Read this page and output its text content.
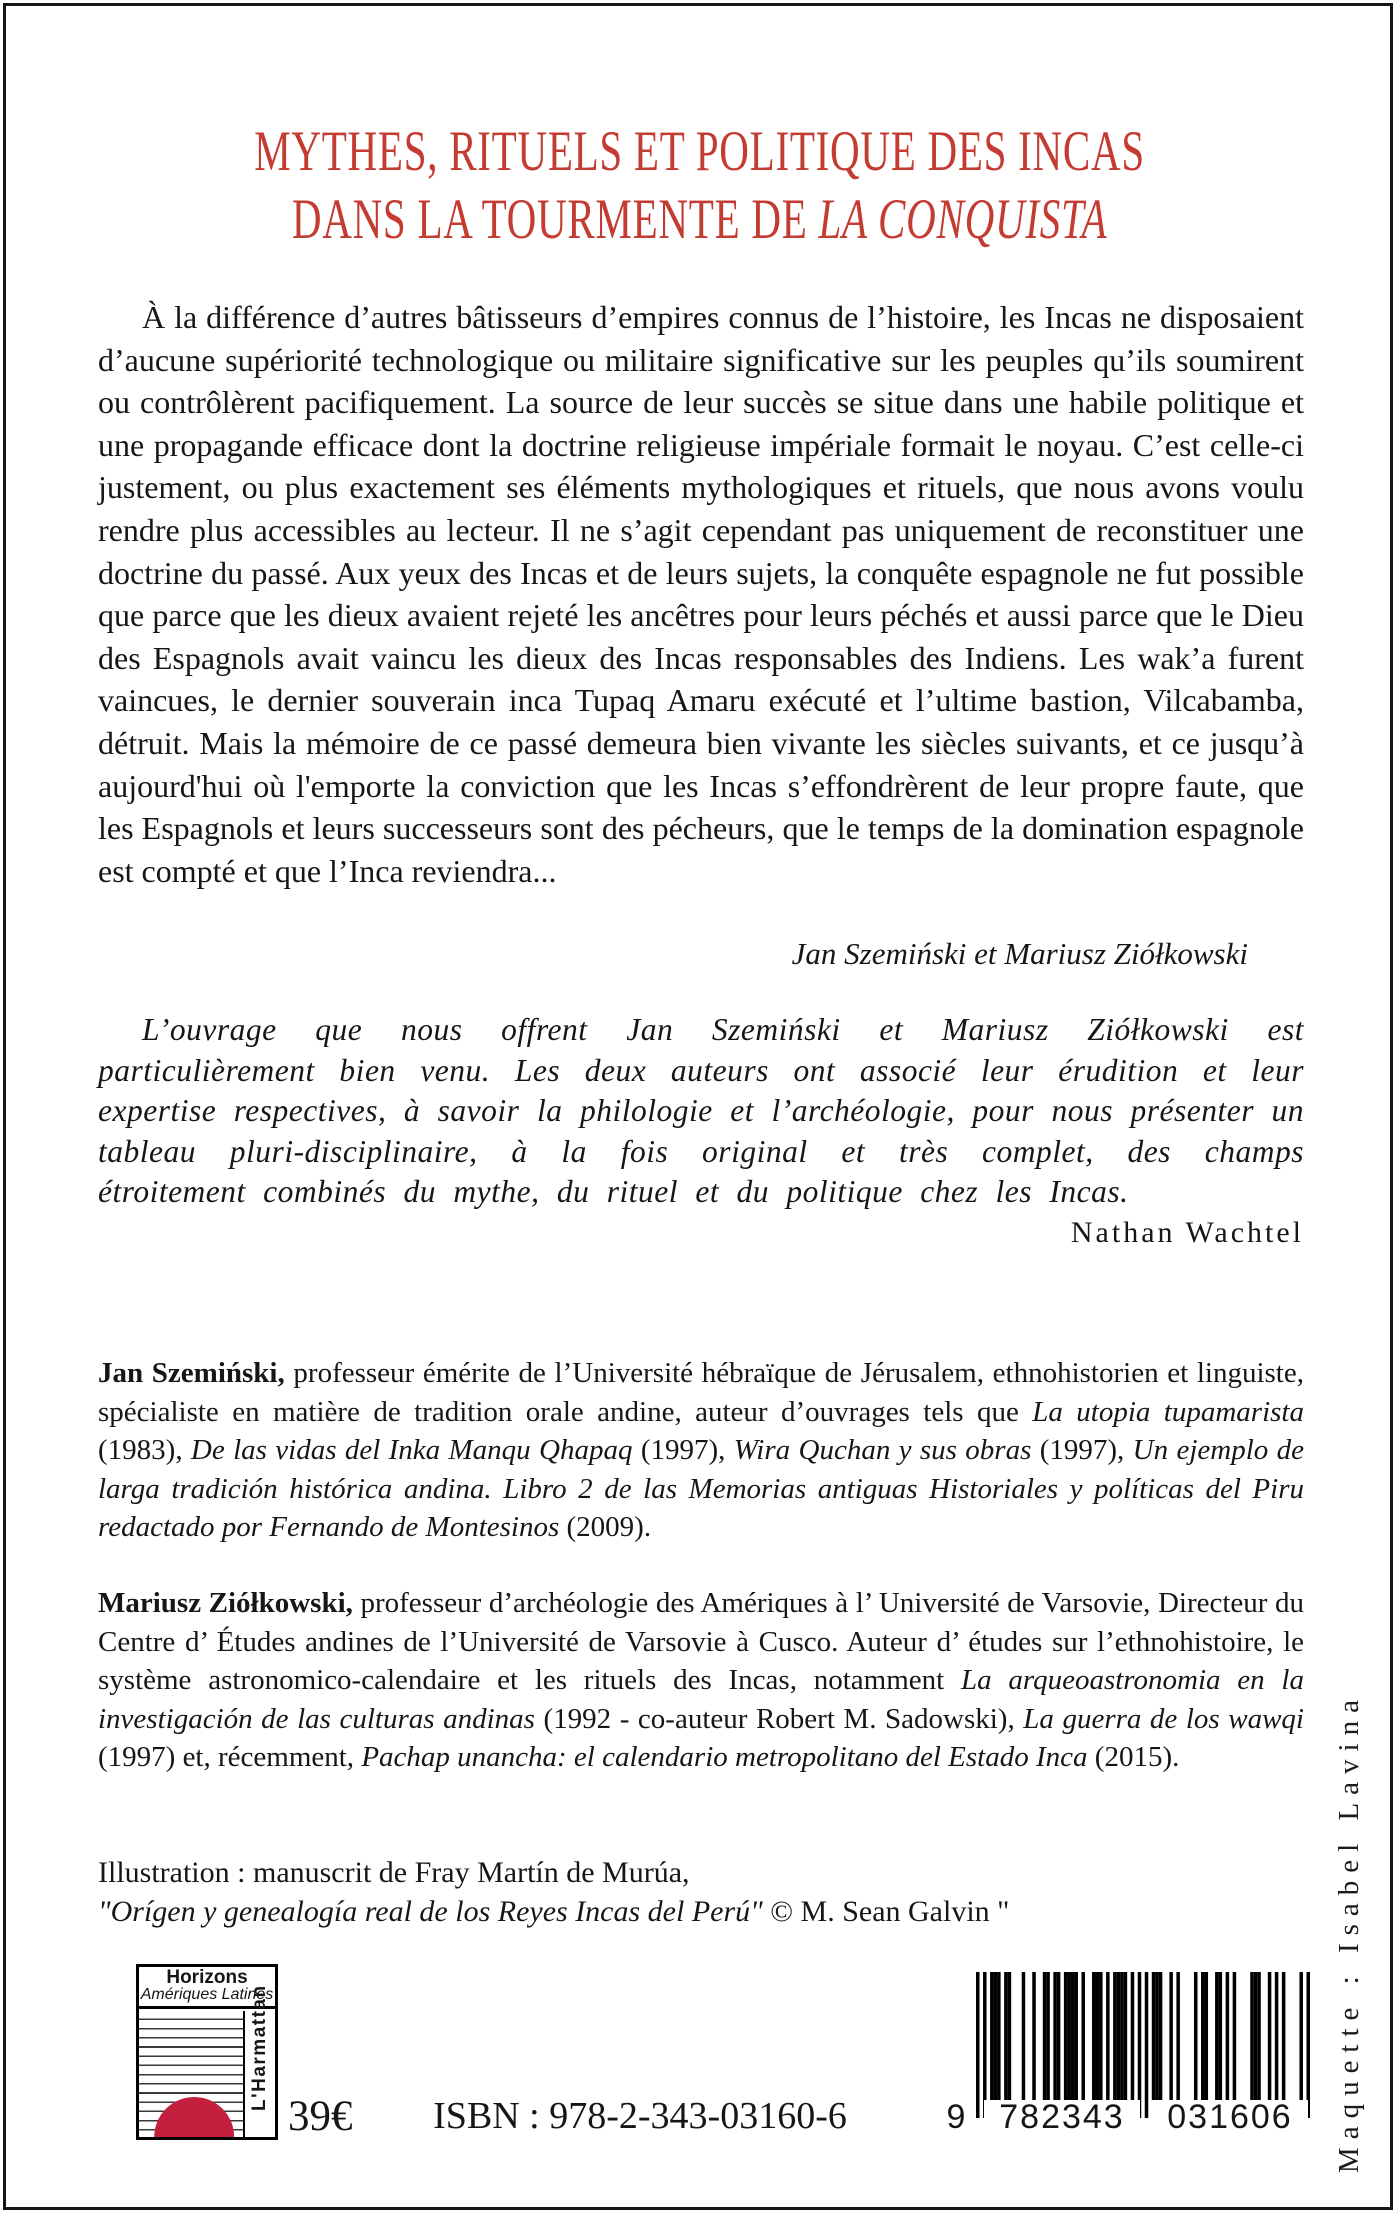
MYTHES, RITUELS ET POLITIQUE DES INCAS
DANS LA TOURMENTE DE LA CONQUISTA
À la différence d’autres bâtisseurs d’empires connus de l’histoire, les Incas ne disposaient d’aucune supériorité technologique ou militaire significative sur les peuples qu’ils soumirent ou contrôlèrent pacifiquement. La source de leur succès se situe dans une habile politique et une propagande efficace dont la doctrine religieuse impériale formait le noyau. C’est celle-ci justement, ou plus exactement ses éléments mythologiques et rituels, que nous avons voulu rendre plus accessibles au lecteur. Il ne s’agit cependant pas uniquement de reconstituer une doctrine du passé. Aux yeux des Incas et de leurs sujets, la conquête espagnole ne fut possible que parce que les dieux avaient rejeté les ancêtres pour leurs péchés et aussi parce que le Dieu des Espagnols avait vaincu les dieux des Incas responsables des Indiens. Les wak’a furent vaincues, le dernier souverain inca Tupaq Amaru exécuté et l’ultime bastion, Vilcabamba, détruit. Mais la mémoire de ce passé demeura bien vivante les siècles suivants, et ce jusqu’à aujourd'hui où l'emporte la conviction que les Incas s’effondrèrent de leur propre faute, que les Espagnols et leurs successeurs sont des pécheurs, que le temps de la domination espagnole est compté et que l’Inca reviendra...
Jan Szemiński et Mariusz Ziółkowski
L’ouvrage que nous offrent Jan Szemiński et Mariusz Ziółkowski est particulièrement bien venu. Les deux auteurs ont associé leur érudition et leur expertise respectives, à savoir la philologie et l’archéologie, pour nous présenter un tableau pluri-disciplinaire, à la fois original et très complet, des champs étroitement combinés du mythe, du rituel et du politique chez les Incas.
Nathan Wachtel
Jan Szemiński, professeur émérite de l’Université hébraïque de Jérusalem, ethnohistorien et linguiste, spécialiste en matière de tradition orale andine, auteur d’ouvrages tels que La utopia tupamarista (1983), De las vidas del Inka Manqu Qhapaq (1997), Wira Quchan y sus obras (1997), Un ejemplo de larga tradición histórica andina. Libro 2 de las Memorias antiguas Historiales y políticas del Piru redactado por Fernando de Montesinos (2009).
Mariusz Ziółkowski, professeur d’archéologie des Amériques à l’ Université de Varsovie, Directeur du Centre d’ Études andines de l’Université de Varsovie à Cusco. Auteur d’ études sur l’ethnohistoire, le système astronomico-calendaire et les rituels des Incas, notamment La arqueoastronomia en la investigación de las culturas andinas (1992 - co-auteur Robert M. Sadowski), La guerra de los wawqi (1997) et, récemment, Pachap unancha: el calendario metropolitano del Estado Inca (2015).
Illustration : manuscrit de Fray Martín de Murúa,
"Orígen y genealogía real de los Reyes Incas del Perú" © M. Sean Galvin "
Horizons
Amériques Latines
L'Harmattan
39€	ISBN : 978-2-343-03160-6	9 782343	031606	Maquette : Isabel Lavina
